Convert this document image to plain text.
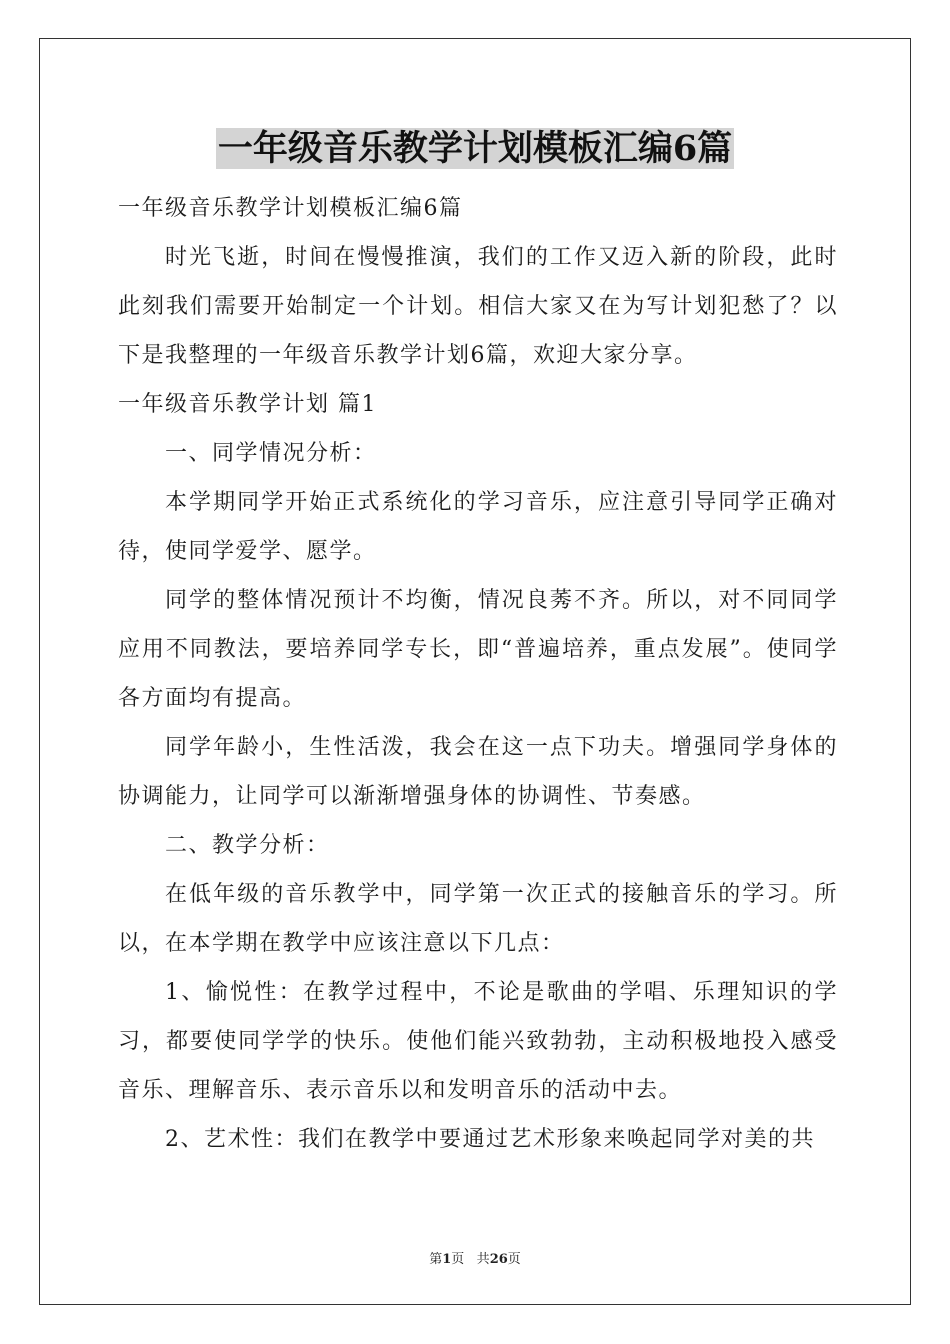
一年级音乐教学计划模板汇编6篇

一年级音乐教学计划模板汇编6篇

时光飞逝，时间在慢慢推演，我们的工作又迈入新的阶段，此时此刻我们需要开始制定一个计划。相信大家又在为写计划犯愁了？以下是我整理的一年级音乐教学计划6篇，欢迎大家分享。

一年级音乐教学计划 篇1

一、同学情况分析：

本学期同学开始正式系统化的学习音乐，应注意引导同学正确对待，使同学爱学、愿学。

同学的整体情况预计不均衡，情况良莠不齐。所以，对不同同学应用不同教法，要培养同学专长，即“普遍培养，重点发展”。使同学各方面均有提高。

同学年龄小，生性活泼，我会在这一点下功夫。增强同学身体的协调能力，让同学可以渐渐增强身体的协调性、节奏感。

二、教学分析：

在低年级的音乐教学中，同学第一次正式的接触音乐的学习。所以，在本学期在教学中应该注意以下几点：

1、愉悦性：在教学过程中，不论是歌曲的学唱、乐理知识的学习，都要使同学学的快乐。使他们能兴致勃勃，主动积极地投入感受音乐、理解音乐、表示音乐以和发明音乐的活动中去。

2、艺术性：我们在教学中要通过艺术形象来唤起同学对美的共

第1页 共26页
